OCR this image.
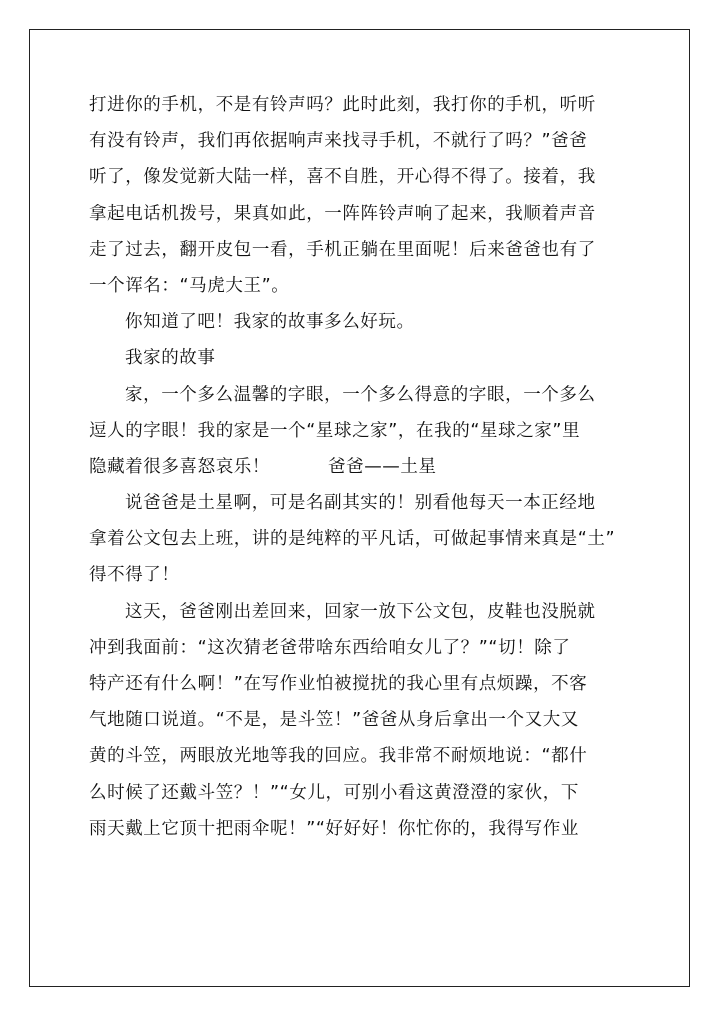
打进你的手机，不是有铃声吗？此时此刻，我打你的手机，听听
有没有铃声，我们再依据响声来找寻手机，不就行了吗？”爸爸
听了，像发觉新大陆一样，喜不自胜，开心得不得了。接着，我
拿起电话机拨号，果真如此，一阵阵铃声响了起来，我顺着声音
走了过去，翻开皮包一看，手机正躺在里面呢！后来爸爸也有了
一个诨名：“马虎大王”。
你知道了吧！我家的故事多么好玩。
我家的故事
家，一个多么温馨的字眼，一个多么得意的字眼，一个多么
逗人的字眼！我的家是一个“星球之家”，在我的“星球之家”里
隐藏着很多喜怒哀乐！	爸爸——土星
说爸爸是土星啊，可是名副其实的！别看他每天一本正经地
拿着公文包去上班，讲的是纯粹的平凡话，可做起事情来真是“土”
得不得了！
这天，爸爸刚出差回来，回家一放下公文包，皮鞋也没脱就
冲到我面前：“这次猜老爸带啥东西给咱女儿了？”“切！除了
特产还有什么啊！”在写作业怕被搅扰的我心里有点烦躁，不客
气地随口说道。“不是，是斗笠！”爸爸从身后拿出一个又大又
黄的斗笠，两眼放光地等我的回应。我非常不耐烦地说：“都什
么时候了还戴斗笠？！”“女儿，可别小看这黄澄澄的家伙，下
雨天戴上它顶十把雨伞呢！”“好好好！你忙你的，我得写作业
